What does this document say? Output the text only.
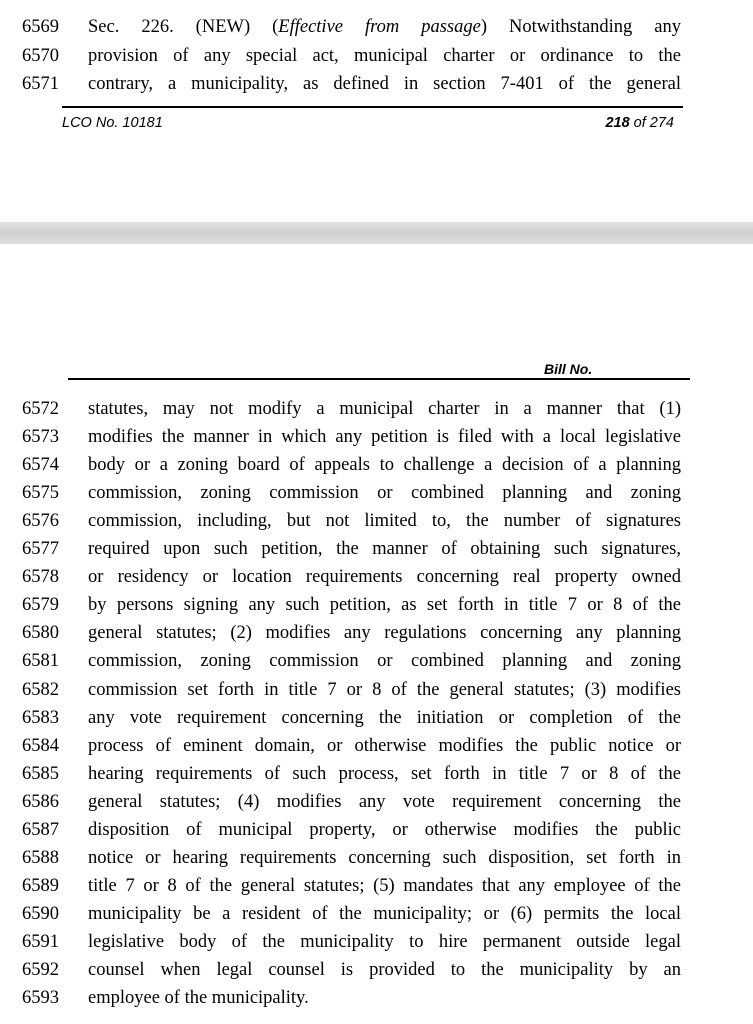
6569	Sec. 226. (NEW) (Effective from passage) Notwithstanding any
6570	provision of any special act, municipal charter or ordinance to the
6571	contrary, a municipality, as defined in section 7-401 of the general
LCO No. 10181	218 of 274
Bill No.
6572	statutes, may not modify a municipal charter in a manner that (1)
6573	modifies the manner in which any petition is filed with a local legislative
6574	body or a zoning board of appeals to challenge a decision of a planning
6575	commission, zoning commission or combined planning and zoning
6576	commission, including, but not limited to, the number of signatures
6577	required upon such petition, the manner of obtaining such signatures,
6578	or residency or location requirements concerning real property owned
6579	by persons signing any such petition, as set forth in title 7 or 8 of the
6580	general statutes; (2) modifies any regulations concerning any planning
6581	commission, zoning commission or combined planning and zoning
6582	commission set forth in title 7 or 8 of the general statutes; (3) modifies
6583	any vote requirement concerning the initiation or completion of the
6584	process of eminent domain, or otherwise modifies the public notice or
6585	hearing requirements of such process, set forth in title 7 or 8 of the
6586	general statutes; (4) modifies any vote requirement concerning the
6587	disposition of municipal property, or otherwise modifies the public
6588	notice or hearing requirements concerning such disposition, set forth in
6589	title 7 or 8 of the general statutes; (5) mandates that any employee of the
6590	municipality be a resident of the municipality; or (6) permits the local
6591	legislative body of the municipality to hire permanent outside legal
6592	counsel when legal counsel is provided to the municipality by an
6593	employee of the municipality.
